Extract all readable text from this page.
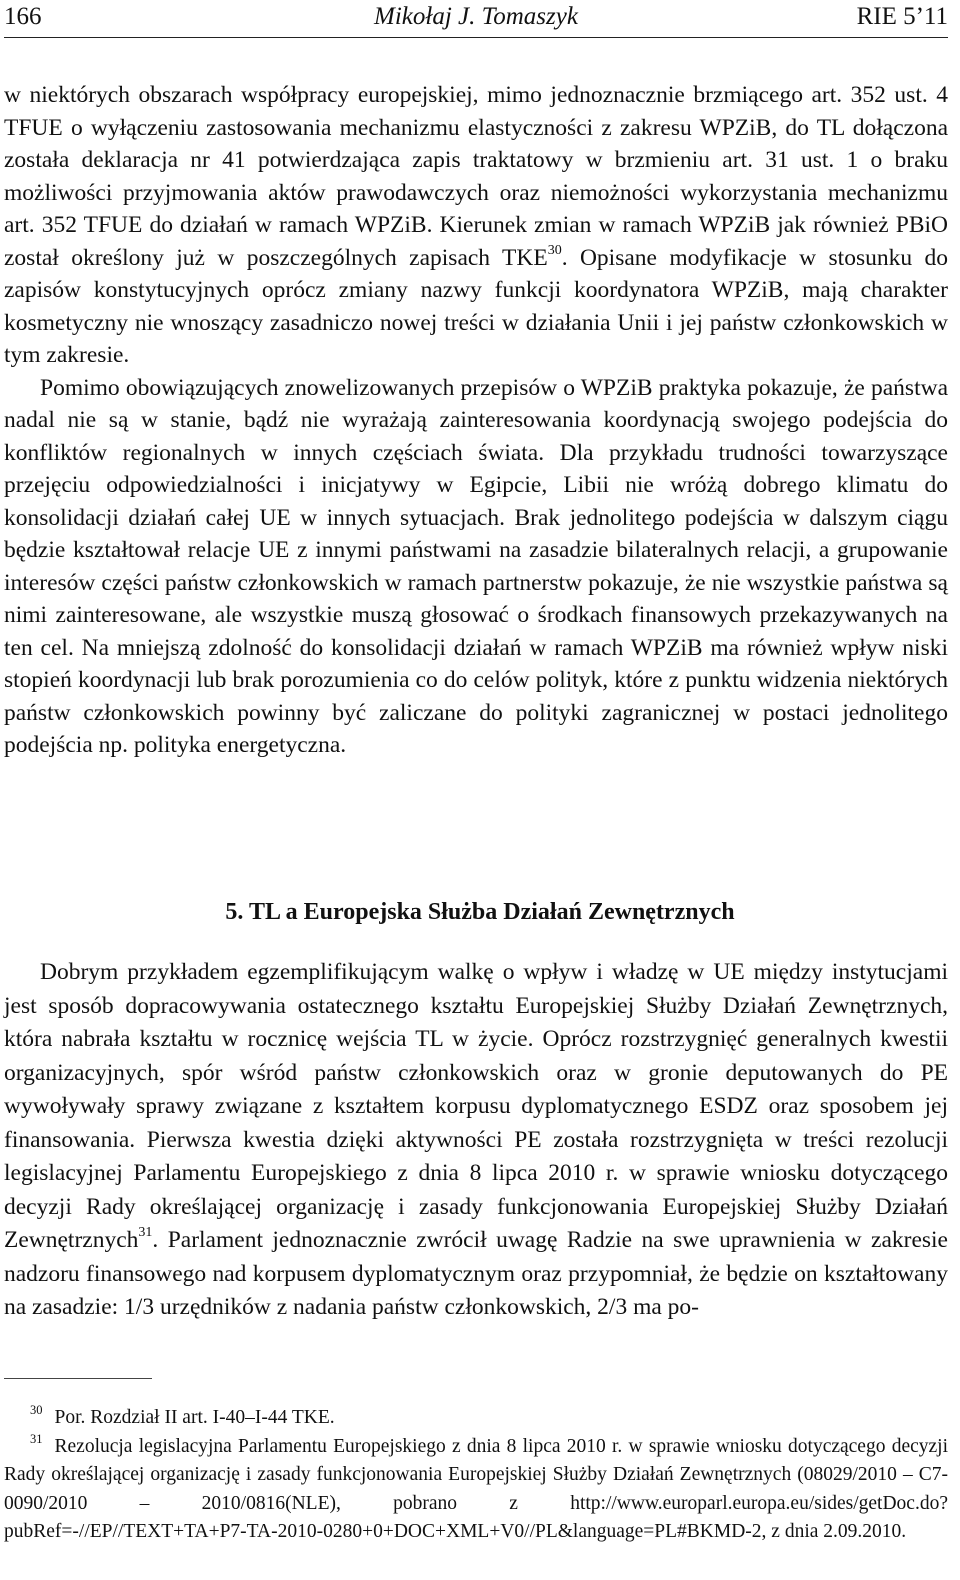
166	Mikołaj J. Tomaszyk	RIE 5’11

w niektórych obszarach współpracy europejskiej, mimo jednoznacznie brzmiącego art. 352 ust. 4 TFUE o wyłączeniu zastosowania mechanizmu elastyczności z zakresu WPZiB, do TL dołączona została deklaracja nr 41 potwierdzająca zapis traktatowy w brzmieniu art. 31 ust. 1 o braku możliwości przyjmowania aktów prawodawczych oraz niemożności wykorzystania mechanizmu art. 352 TFUE do działań w ramach WPZiB. Kierunek zmian w ramach WPZiB jak również PBiO został określony już w poszczególnych zapisach TKE$^{30}$. Opisane modyfikacje w stosunku do zapisów konstytucyjnych oprócz zmiany nazwy funkcji koordynatora WPZiB, mają charakter kosmetyczny nie wnoszący zasadniczo nowej treści w działania Unii i jej państw członkowskich w tym zakresie.

Pomimo obowiązujących znowelizowanych przepisów o WPZiB praktyka pokazuje, że państwa nadal nie są w stanie, bądź nie wyrażają zainteresowania koordynacją swojego podejścia do konfliktów regionalnych w innych częściach świata. Dla przykładu trudności towarzyszące przejęciu odpowiedzialności i inicjatywy w Egipcie, Libii nie wróżą dobrego klimatu do konsolidacji działań całej UE w innych sytuacjach. Brak jednolitego podejścia w dalszym ciągu będzie kształtował relacje UE z innymi państwami na zasadzie bilateralnych relacji, a grupowanie interesów części państw członkowskich w ramach partnerstw pokazuje, że nie wszystkie państwa są nimi zainteresowane, ale wszystkie muszą głosować o środkach finansowych przekazywanych na ten cel. Na mniejszą zdolność do konsolidacji działań w ramach WPZiB ma również wpływ niski stopień koordynacji lub brak porozumienia co do celów polityk, które z punktu widzenia niektórych państw członkowskich powinny być zaliczane do polityki zagranicznej w postaci jednolitego podejścia np. polityka energetyczna.

5. TL a Europejska Służba Działań Zewnętrznych

Dobrym przykładem egzemplifikującym walkę o wpływ i władzę w UE między instytucjami jest sposób dopracowywania ostatecznego kształtu Europejskiej Służby Działań Zewnętrznych, która nabrała kształtu w rocznicę wejścia TL w życie. Oprócz rozstrzygnięć generalnych kwestii organizacyjnych, spór wśród państw członkowskich oraz w gronie deputowanych do PE wywoływały sprawy związane z kształtem korpusu dyplomatycznego ESDZ oraz sposobem jej finansowania. Pierwsza kwestia dzięki aktywności PE została rozstrzygnięta w treści rezolucji legislacyjnej Parlamentu Europejskiego z dnia 8 lipca 2010 r. w sprawie wniosku dotyczącego decyzji Rady określającej organizację i zasady funkcjonowania Europejskiej Służby Działań Zewnętrznych$^{31}$. Parlament jednoznacznie zwrócił uwagę Radzie na swe uprawnienia w zakresie nadzoru finansowego nad korpusem dyplomatycznym oraz przypomniał, że będzie on kształtowany na zasadzie: 1/3 urzędników z nadania państw członkowskich, 2/3 ma po-

$^{30}$ Por. Rozdział II art. I-40–I-44 TKE.

$^{31}$ Rezolucja legislacyjna Parlamentu Europejskiego z dnia 8 lipca 2010 r. w sprawie wniosku dotyczącego decyzji Rady określającej organizację i zasady funkcjonowania Europejskiej Służby Działań Zewnętrznych (08029/2010 – C7-0090/2010 – 2010/0816(NLE), pobrano z http://www.europarl.europa.eu/sides/getDoc.do?pubRef=-//EP//TEXT+TA+P7-TA-2010-0280+0+DOC+XML+V0//PL&language=PL#BKMD-2, z dnia 2.09.2010.
